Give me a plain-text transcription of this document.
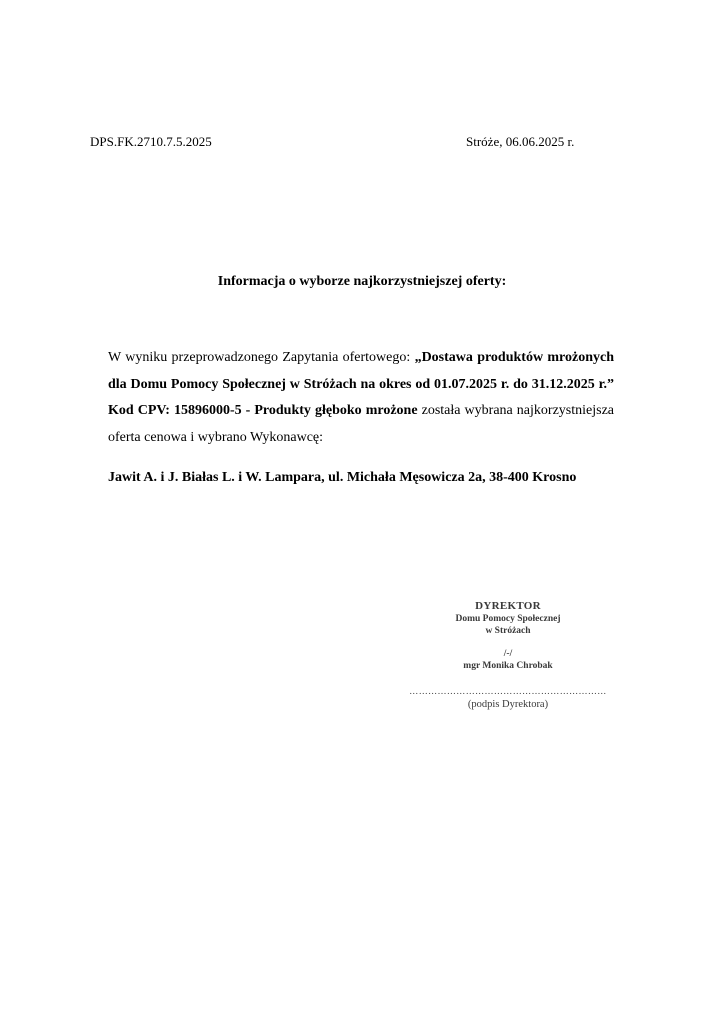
DPS.FK.2710.7.5.2025	Stróże, 06.06.2025 r.
Informacja o wyborze najkorzystniejszej oferty:
W wyniku przeprowadzonego Zapytania ofertowego: „Dostawa produktów mrożonych
dla Domu Pomocy Społecznej w Stróżach na okres od 01.07.2025 r. do 31.12.2025 r.”
Kod CPV: 15896000-5 - Produkty głęboko mrożone została wybrana najkorzystniejsza
oferta cenowa i wybrano Wykonawcę:
Jawit A. i J. Białas L. i W. Lampara, ul. Michała Męsowicza 2a, 38-400 Krosno
DYREKTOR
Domu Pomocy Społecznej
w Stróżach
/-/
mgr Monika Chrobak
………………………………………………………
(podpis Dyrektora)
